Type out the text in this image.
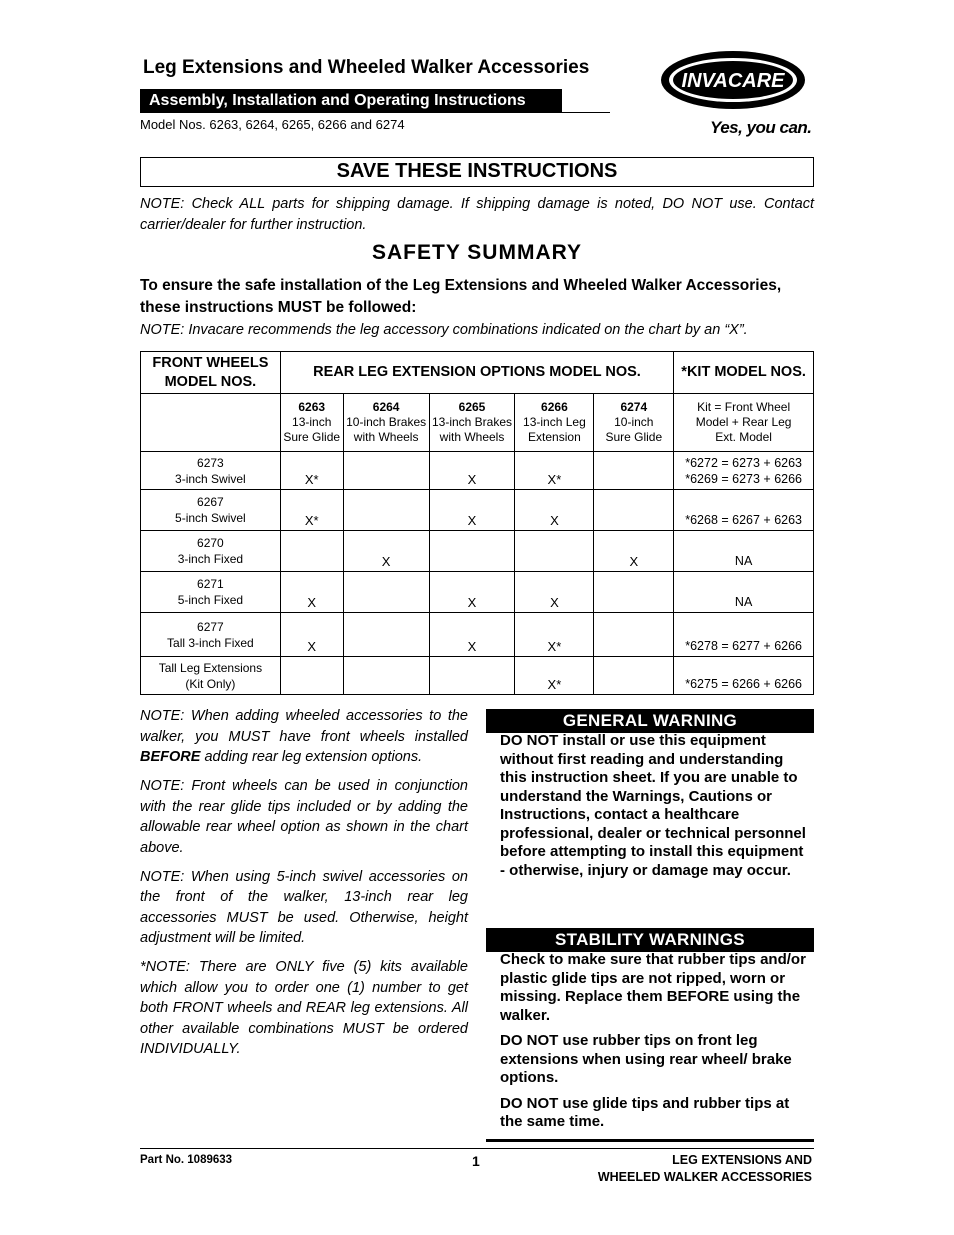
Leg Extensions and Wheeled Walker Accessories
Assembly, Installation and Operating Instructions
Model Nos. 6263, 6264, 6265, 6266 and 6274
INVACARE
Yes, you can.
SAVE THESE INSTRUCTIONS
NOTE: Check ALL parts for shipping damage. If shipping damage is noted, DO NOT use. Contact carrier/dealer for further instruction.
SAFETY SUMMARY
To ensure the safe installation of the Leg Extensions and Wheeled Walker Accessories, these instructions MUST be followed:
NOTE: Invacare recommends the leg accessory combinations indicated on the chart by an “X”.
FRONT WHEELS MODEL NOS.	REAR LEG EXTENSION OPTIONS MODEL NOS.					*KIT MODEL NOS.
	6263
13-inch
Sure Glide	6264
10-inch Brakes
with Wheels	6265
13-inch Brakes
with Wheels	6266
13-inch Leg
Extension	6274
10-inch
Sure Glide	Kit = Front Wheel
Model + Rear Leg
Ext. Model
6273
3-inch Swivel	X*		X	X*		*6272 = 6273 + 6263
*6269 = 6273 + 6266
6267
5-inch Swivel	X*		X	X		*6268 = 6267 + 6263
6270
3-inch Fixed		X			X	NA
6271
5-inch Fixed	X		X	X		NA
6277
Tall 3-inch Fixed	X		X	X*		*6278 = 6277 + 6266
Tall Leg Extensions
(Kit Only)				X*		*6275 = 6266 + 6266

NOTE: When adding wheeled accessories to the walker, you MUST have front wheels installed BEFORE adding rear leg extension options.

NOTE: Front wheels can be used in conjunction with the rear glide tips included or by adding the allowable rear wheel option as shown in the chart above.

NOTE: When using 5-inch swivel accessories on the front of the walker, 13-inch rear leg accessories MUST be used. Otherwise, height adjustment will be limited.

*NOTE: There are ONLY five (5) kits available which allow you to order one (1) number to get both FRONT wheels and REAR leg extensions. All other available combinations MUST be ordered INDIVIDUALLY.

GENERAL WARNING
DO NOT install or use this equipment without first reading and understanding this instruction sheet. If you are unable to understand the Warnings, Cautions or Instructions, contact a healthcare professional, dealer or technical personnel before attempting to install this equipment - otherwise, injury or damage may occur.
STABILITY WARNINGS

Check to make sure that rubber tips and/or plastic glide tips are not ripped, worn or missing. Replace them BEFORE using the walker.

DO NOT use rubber tips on front leg extensions when using rear wheel/ brake options.

DO NOT use glide tips and rubber tips at the same time.

Part No. 1089633	1	LEG EXTENSIONS AND
WHEELED WALKER ACCESSORIES
